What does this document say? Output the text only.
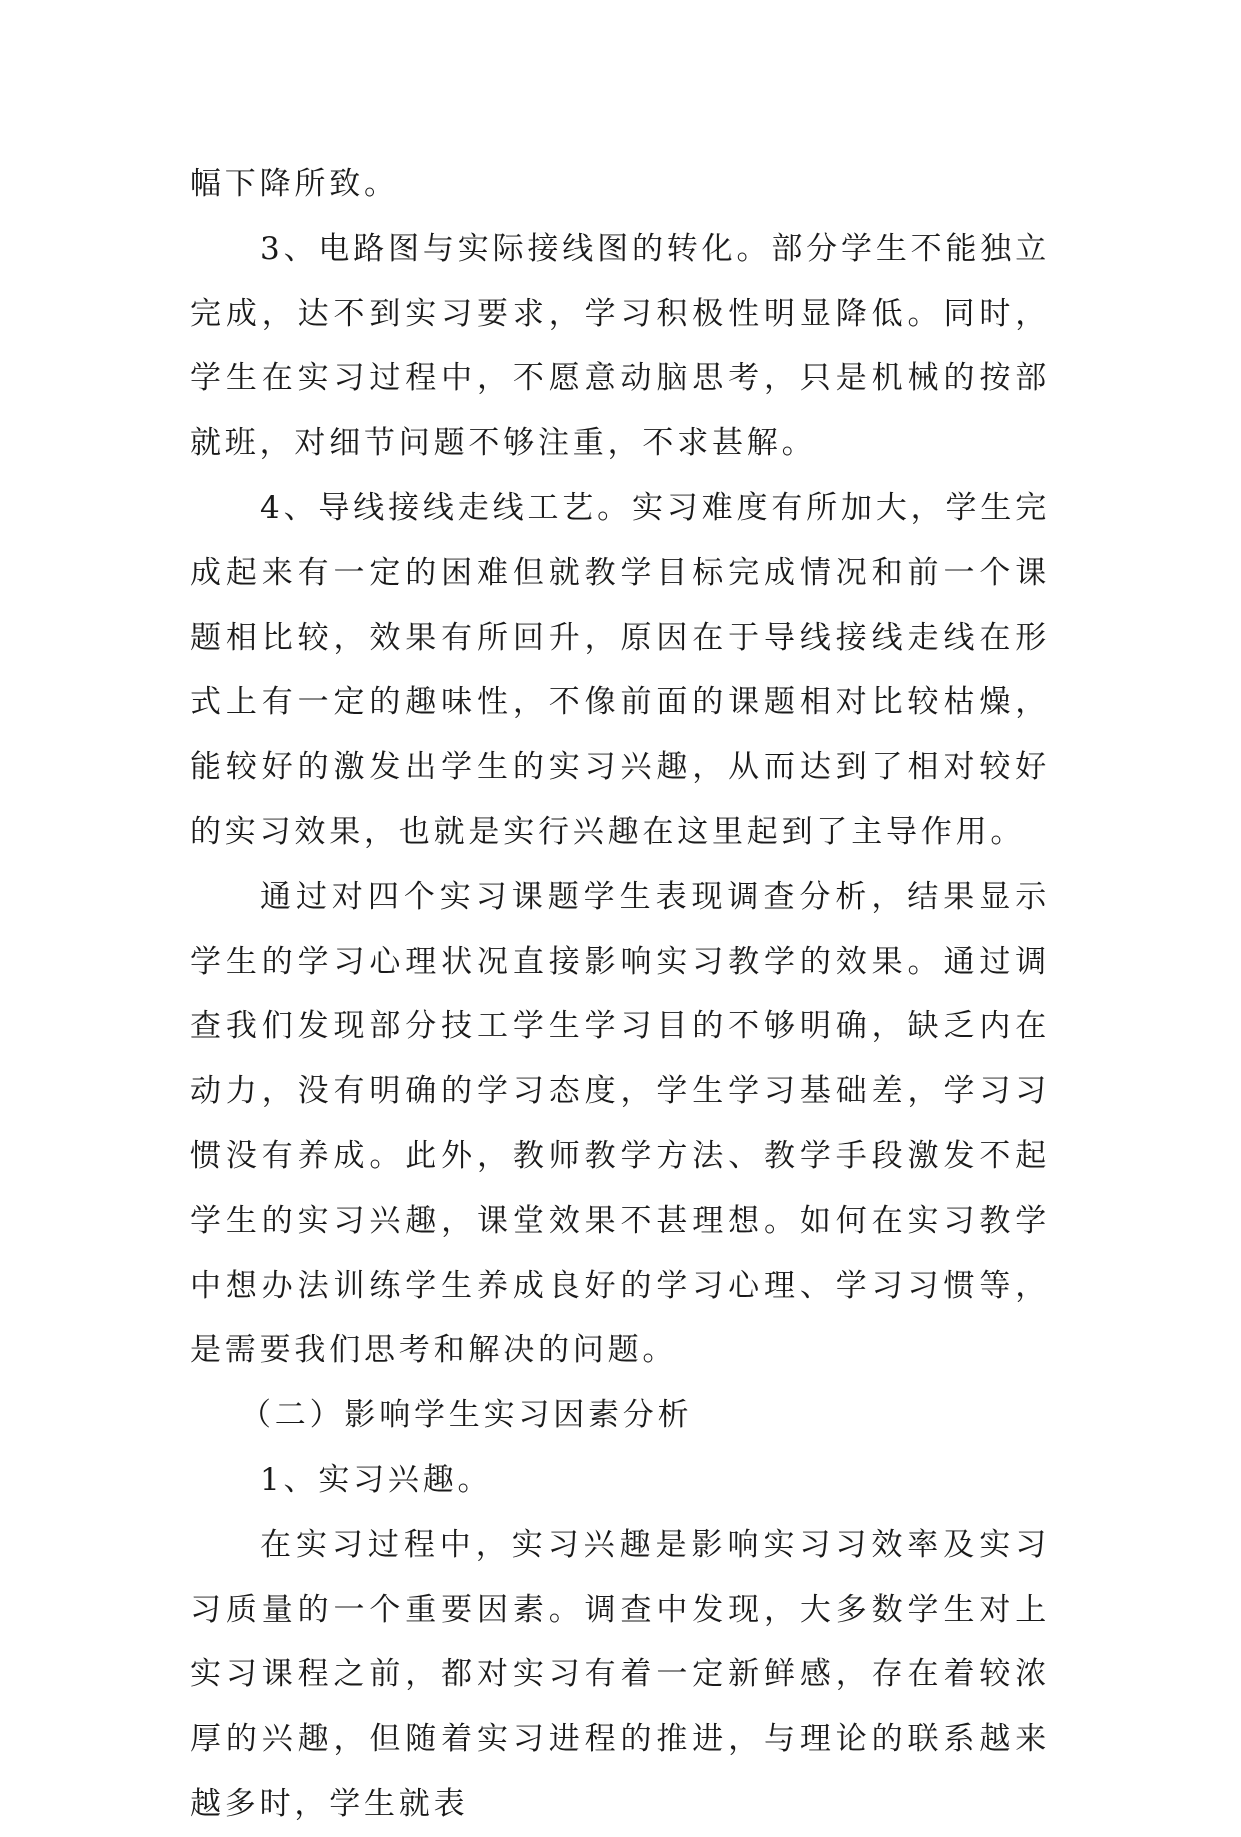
幅下降所致。

3、电路图与实际接线图的转化。部分学生不能独立完成，达不到实习要求，学习积极性明显降低。同时，学生在实习过程中，不愿意动脑思考，只是机械的按部就班，对细节问题不够注重，不求甚解。

4、导线接线走线工艺。实习难度有所加大，学生完成起来有一定的困难但就教学目标完成情况和前一个课题相比较，效果有所回升，原因在于导线接线走线在形式上有一定的趣味性，不像前面的课题相对比较枯燥，能较好的激发出学生的实习兴趣，从而达到了相对较好的实习效果，也就是实行兴趣在这里起到了主导作用。

通过对四个实习课题学生表现调查分析，结果显示学生的学习心理状况直接影响实习教学的效果。通过调查我们发现部分技工学生学习目的不够明确，缺乏内在动力，没有明确的学习态度，学生学习基础差，学习习惯没有养成。此外，教师教学方法、教学手段激发不起学生的实习兴趣，课堂效果不甚理想。如何在实习教学中想办法训练学生养成良好的学习心理、学习习惯等，是需要我们思考和解决的问题。

（二）影响学生实习因素分析

1、实习兴趣。

在实习过程中，实习兴趣是影响实习习效率及实习习质量的一个重要因素。调查中发现，大多数学生对上实习课程之前，都对实习有着一定新鲜感，存在着较浓厚的兴趣，但随着实习进程的推进，与理论的联系越来越多时，学生就表
